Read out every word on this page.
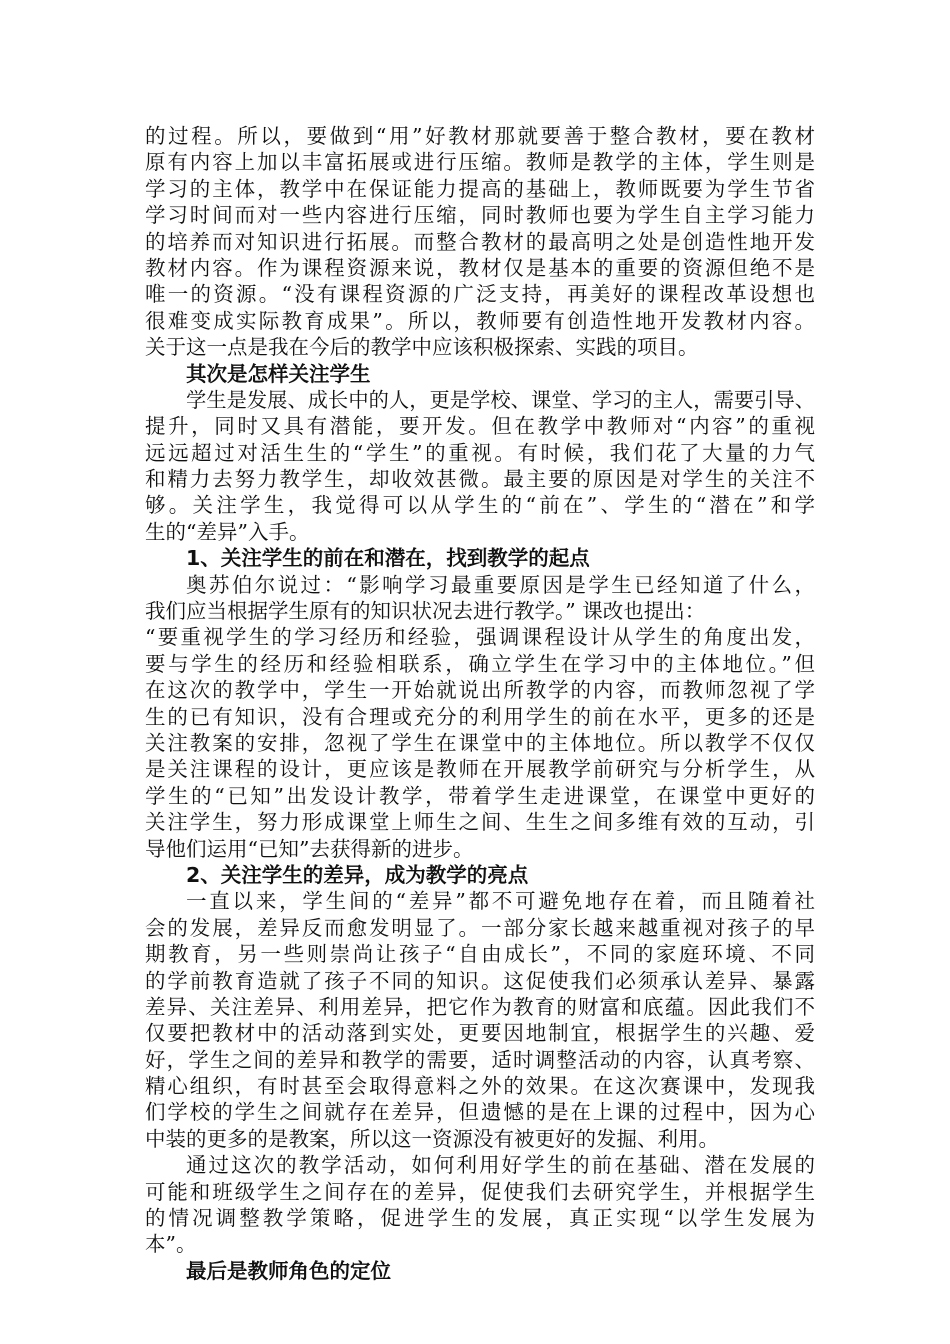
的过程。所以，要做到“用”好教材那就要善于整合教材，要在教材
原有内容上加以丰富拓展或进行压缩。教师是教学的主体，学生则是
学习的主体，教学中在保证能力提高的基础上，教师既要为学生节省
学习时间而对一些内容进行压缩，同时教师也要为学生自主学习能力
的培养而对知识进行拓展。而整合教材的最高明之处是创造性地开发
教材内容。作为课程资源来说，教材仅是基本的重要的资源但绝不是
唯一的资源。“没有课程资源的广泛支持，再美好的课程改革设想也
很难变成实际教育成果”。所以，教师要有创造性地开发教材内容。
关于这一点是我在今后的教学中应该积极探索、实践的项目。
其次是怎样关注学生
学生是发展、成长中的人，更是学校、课堂、学习的主人，需要引导、
提升，同时又具有潜能，要开发。但在教学中教师对“内容”的重视
远远超过对活生生的“学生”的重视。有时候，我们花了大量的力气
和精力去努力教学生，却收效甚微。最主要的原因是对学生的关注不
够。关注学生，我觉得可以从学生的“前在”、学生的“潜在”和学
生的“差异”入手。
1、关注学生的前在和潜在，找到教学的起点
奥苏伯尔说过：“影响学习最重要原因是学生已经知道了什么，
我们应当根据学生原有的知识状况去进行教学。” 课改也提出：
“要重视学生的学习经历和经验，强调课程设计从学生的角度出发，
要与学生的经历和经验相联系，确立学生在学习中的主体地位。”但
在这次的教学中，学生一开始就说出所教学的内容，而教师忽视了学
生的已有知识，没有合理或充分的利用学生的前在水平，更多的还是
关注教案的安排，忽视了学生在课堂中的主体地位。所以教学不仅仅
是关注课程的设计，更应该是教师在开展教学前研究与分析学生，从
学生的“已知”出发设计教学，带着学生走进课堂，在课堂中更好的
关注学生，努力形成课堂上师生之间、生生之间多维有效的互动，引
导他们运用“已知”去获得新的进步。
2、关注学生的差异，成为教学的亮点
一直以来，学生间的“差异”都不可避免地存在着，而且随着社
会的发展，差异反而愈发明显了。一部分家长越来越重视对孩子的早
期教育，另一些则崇尚让孩子“自由成长”，不同的家庭环境、不同
的学前教育造就了孩子不同的知识。这促使我们必须承认差异、暴露
差异、关注差异、利用差异，把它作为教育的财富和底蕴。因此我们不
仅要把教材中的活动落到实处，更要因地制宜，根据学生的兴趣、爱
好，学生之间的差异和教学的需要，适时调整活动的内容，认真考察、
精心组织，有时甚至会取得意料之外的效果。在这次赛课中，发现我
们学校的学生之间就存在差异，但遗憾的是在上课的过程中，因为心
中装的更多的是教案，所以这一资源没有被更好的发掘、利用。
通过这次的教学活动，如何利用好学生的前在基础、潜在发展的
可能和班级学生之间存在的差异，促使我们去研究学生，并根据学生
的情况调整教学策略，促进学生的发展，真正实现“以学生发展为
本”。
最后是教师角色的定位
